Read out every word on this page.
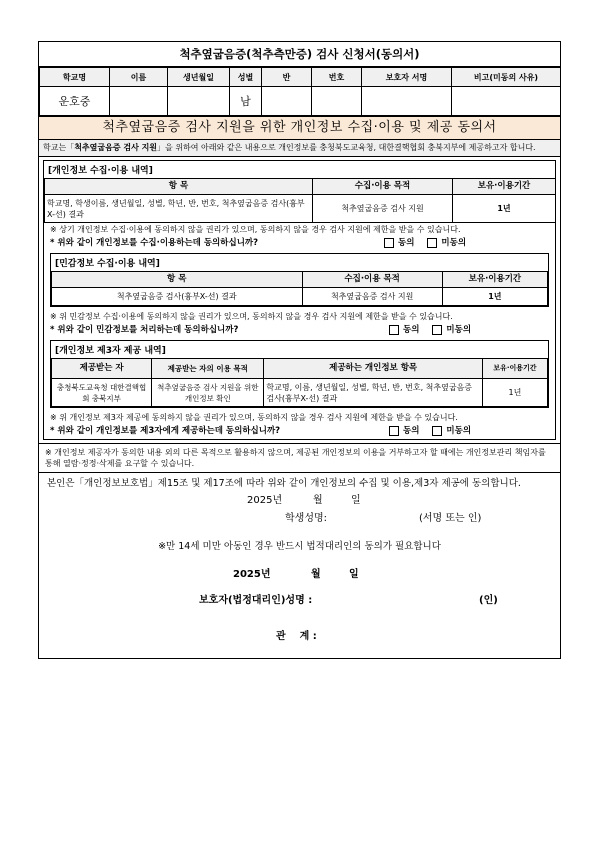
척추옆굽음증(척추측만증) 검사 신청서(동의서)
학교명	이름	생년월일	성별	반	번호	보호자 서명	비고(미동의 사유)
운호중			남				
척추옆굽음증 검사 지원을 위한 개인정보 수집·이용 및 제공 동의서
학교는「척추옆굽음증 검사 지원」을 위하여 아래와 같은 내용으로 개인정보를 충청북도교육청, 대한결핵협회 충북지부에 제공하고자 합니다.
[개인정보 수집·이용 내역]
항 목	수집·이용 목적	보유·이용기간
학교명, 학생이름, 생년월일, 성별, 학년, 반, 번호, 척추옆굽음증 검사(흉부X-선) 결과	척추옆굽음증 검사 지원	1년
※ 상기 개인정보 수집·이용에 동의하지 않을 권리가 있으며, 동의하지 않을 경우 검사 지원에 제한을 받을 수 있습니다.
* 위와 같이 개인정보를 수집·이용하는데 동의하십니까?	동의	미동의
[민감정보 수집·이용 내역]
항 목	수집·이용 목적	보유·이용기간
척추옆굽음증 검사(흉부X-선) 결과	척추옆굽음증 검사 지원	1년
※ 위 민감정보 수집·이용에 동의하지 않을 권리가 있으며, 동의하지 않을 경우 검사 지원에 제한을 받을 수 있습니다.
* 위와 같이 민감정보를 처리하는데 동의하십니까?	동의	미동의
[개인정보 제3자 제공 내역]
제공받는 자	제공받는 자의 이용 목적	제공하는 개인정보 항목	보유·이용기간
충청북도교육청 대한결핵협회 충북지부	척추옆굽음증 검사 지원을 위한 개인정보 확인	학교명, 이름, 생년월일, 성별, 학년, 반, 번호, 척추옆굽음증 검사(흉부X-선) 결과	1년
※ 위 개인정보 제3자 제공에 동의하지 않을 권리가 있으며, 동의하지 않을 경우 검사 지원에 제한을 받을 수 있습니다.
* 위와 같이 개인정보를 제3자에게 제공하는데 동의하십니까?	동의	미동의
※ 개인정보 제공자가 동의한 내용 외의 다른 목적으로 활용하지 않으며, 제공된 개인정보의 이용을 거부하고자 할 때에는 개인정보관리 책임자를 통해 열람·정정·삭제를 요구할 수 있습니다.
본인은「개인정보보호법」제15조 및 제17조에 따라 위와 같이 개인정보의 수집 및 이용,제3자 제공에 동의합니다.
2025년	월	일
학생성명:	(서명 또는 인)
※만 14세 미만 아동인 경우 반드시 법적대리인의 동의가 필요합니다
2025년	월	일
보호자(법정대리인)성명 :	(인)

관    계 :
